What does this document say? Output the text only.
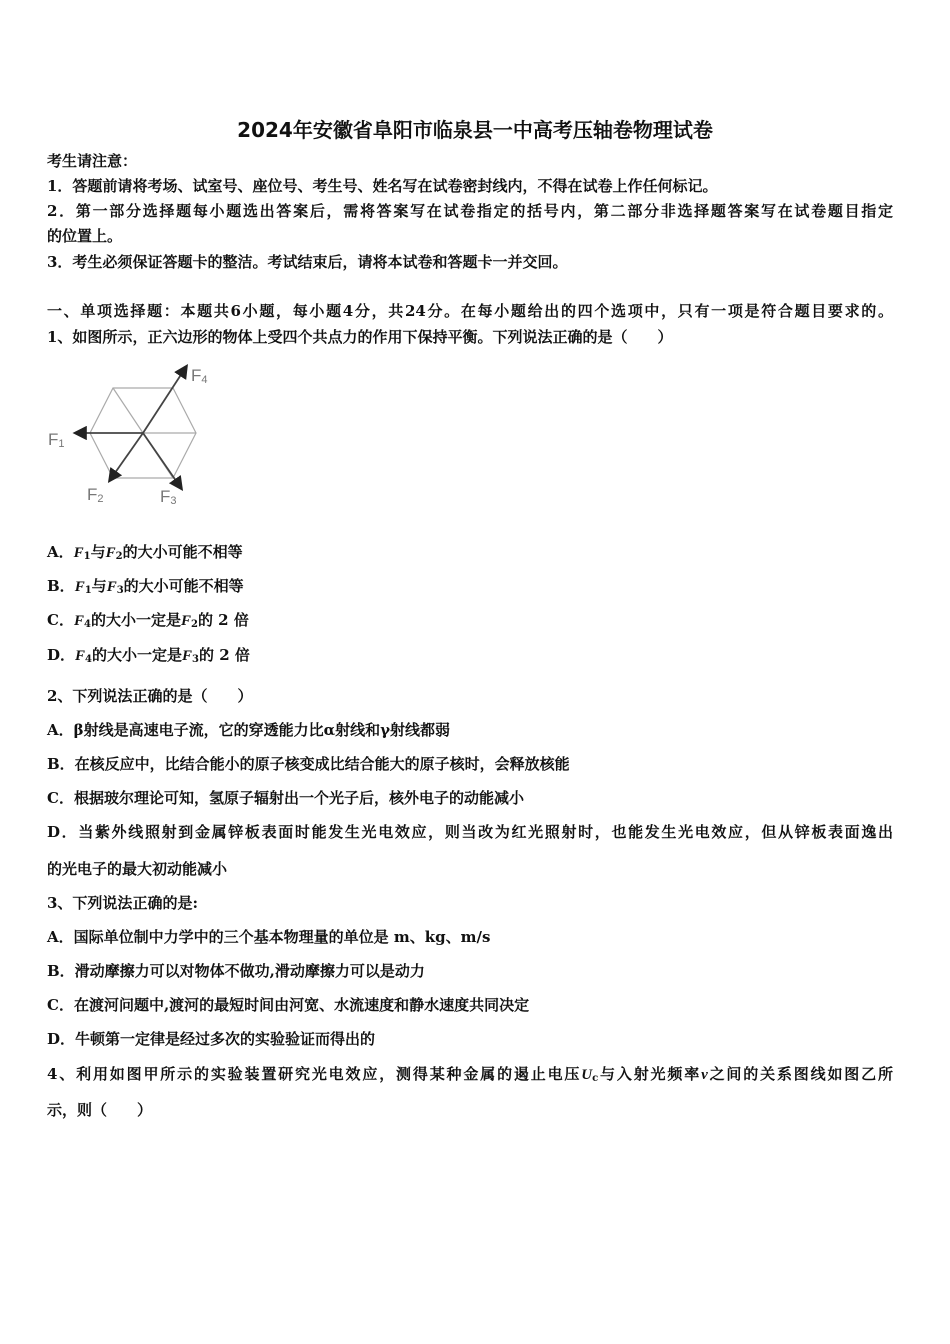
2024年安徽省阜阳市临泉县一中高考压轴卷物理试卷
考生请注意：
1．答题前请将考场、试室号、座位号、考生号、姓名写在试卷密封线内，不得在试卷上作任何标记。
2．第一部分选择题每小题选出答案后，需将答案写在试卷指定的括号内，第二部分非选择题答案写在试卷题目指定
的位置上。
3．考生必须保证答题卡的整洁。考试结束后，请将本试卷和答题卡一并交回。
一、单项选择题：本题共6小题，每小题4分，共24分。在每小题给出的四个选项中，只有一项是符合题目要求的。
1、如图所示，正六边形的物体上受四个共点力的作用下保持平衡。下列说法正确的是（　　）
F1
F2	F3
F4
A．$F_1$与$F_2$的大小可能不相等
B．$F_1$与$F_3$的大小可能不相等
C．$F_4$的大小一定是$F_2$的 2 倍
D．$F_4$的大小一定是$F_3$的 2 倍
2、下列说法正确的是（　　）
A．β射线是高速电子流，它的穿透能力比α射线和γ射线都弱
B．在核反应中，比结合能小的原子核变成比结合能大的原子核时，会释放核能
C．根据玻尔理论可知，氢原子辐射出一个光子后，核外电子的动能减小
D．当紫外线照射到金属锌板表面时能发生光电效应，则当改为红光照射时，也能发生光电效应，但从锌板表面逸出
的光电子的最大初动能减小
3、下列说法正确的是:
A．国际单位制中力学中的三个基本物理量的单位是 m、kg、m/s
B．滑动摩擦力可以对物体不做功,滑动摩擦力可以是动力
C．在渡河问题中,渡河的最短时间由河宽、水流速度和静水速度共同决定
D．牛顿第一定律是经过多次的实验验证而得出的
4、利用如图甲所示的实验装置研究光电效应，测得某种金属的遏止电压$U_c$与入射光频率v之间的关系图线如图乙所
示，则（　　）
